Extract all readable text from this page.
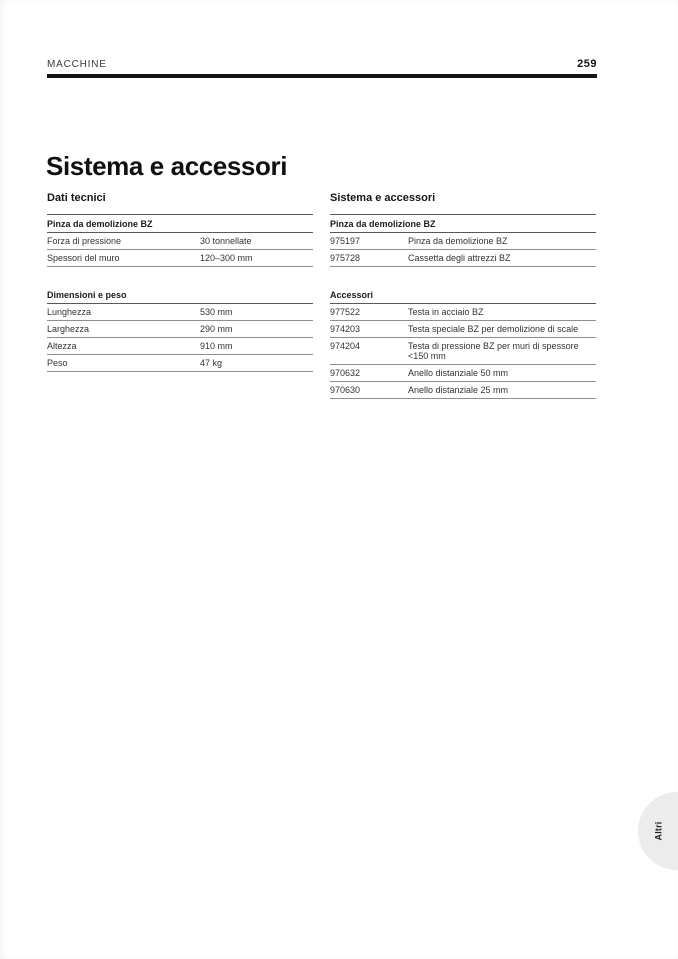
MACCHINE	259
Sistema e accessori
Dati tecnici
Pinza da demolizione BZ
Forza di pressione	30 tonnellate
Spessori del muro	120–300 mm
Dimensioni e peso
Lunghezza	530 mm
Larghezza	290 mm
Altezza	910 mm
Peso	47 kg
Sistema e accessori
Pinza da demolizione BZ
975197	Pinza da demolizione BZ
975728	Cassetta degli attrezzi BZ
Accessori
977522	Testa in acciaio BZ
974203	Testa speciale BZ per demolizione di scale
974204	Testa di pressione BZ per muri di spessore <150 mm
970632	Anello distanziale 50 mm
970630	Anello distanziale 25 mm
Altri
